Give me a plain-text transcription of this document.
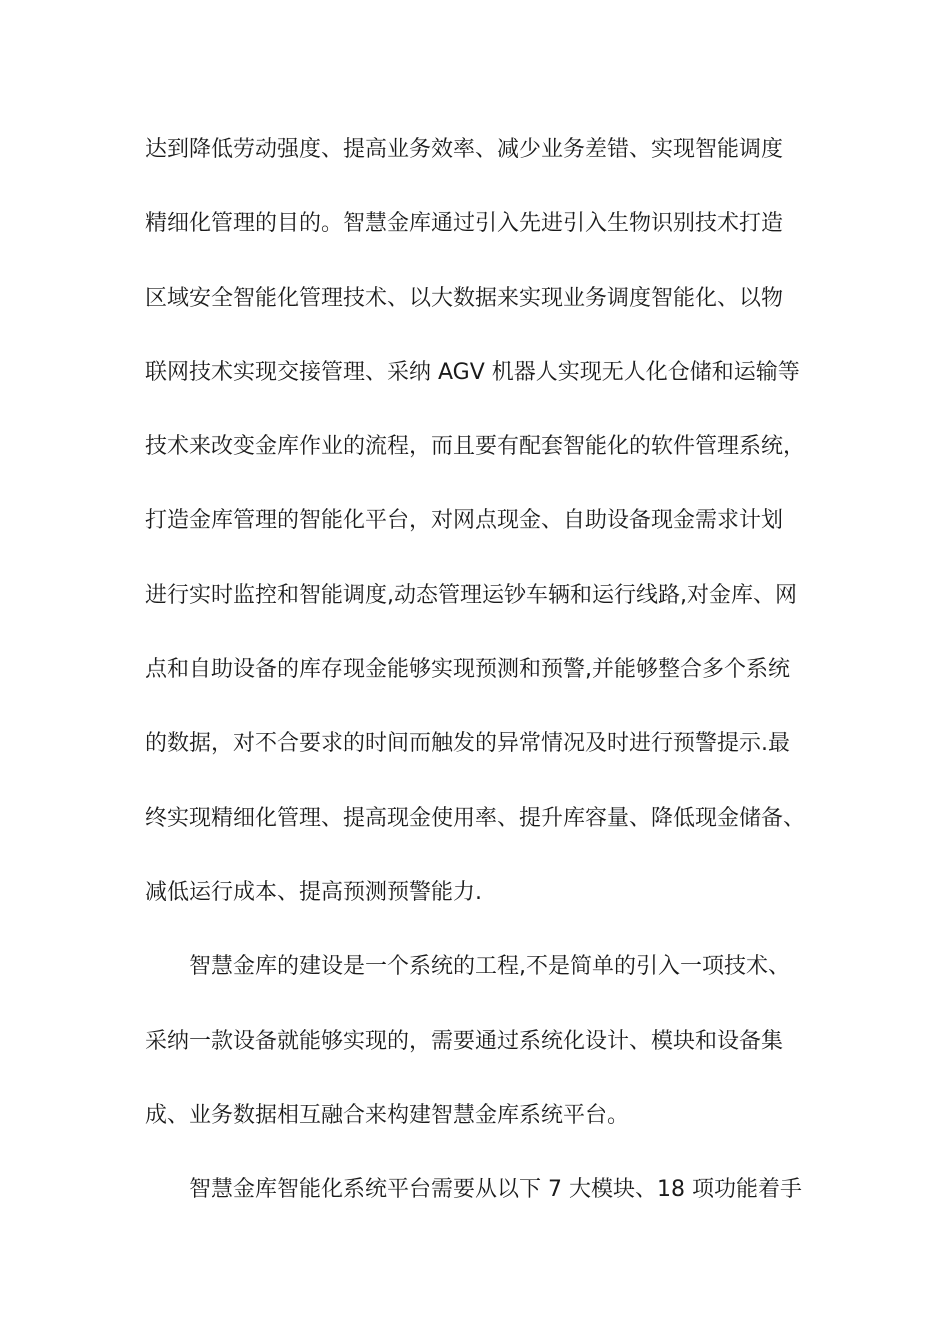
达到降低劳动强度、提高业务效率、减少业务差错、实现智能调度
精细化管理的目的。智慧金库通过引入先进引入生物识别技术打造
区域安全智能化管理技术、以大数据来实现业务调度智能化、以物
联网技术实现交接管理、采纳 AGV 机器人实现无人化仓储和运输等
技术来改变金库作业的流程，而且要有配套智能化的软件管理系统，
打造金库管理的智能化平台，对网点现金、自助设备现金需求计划
进行实时监控和智能调度,动态管理运钞车辆和运行线路,对金库、网
点和自助设备的库存现金能够实现预测和预警,并能够整合多个系统
的数据，对不合要求的时间而触发的异常情况及时进行预警提示.最
终实现精细化管理、提高现金使用率、提升库容量、降低现金储备、
减低运行成本、提高预测预警能力.
智慧金库的建设是一个系统的工程,不是简单的引入一项技术、
采纳一款设备就能够实现的，需要通过系统化设计、模块和设备集
成、业务数据相互融合来构建智慧金库系统平台。
智慧金库智能化系统平台需要从以下 7 大模块、18 项功能着手
